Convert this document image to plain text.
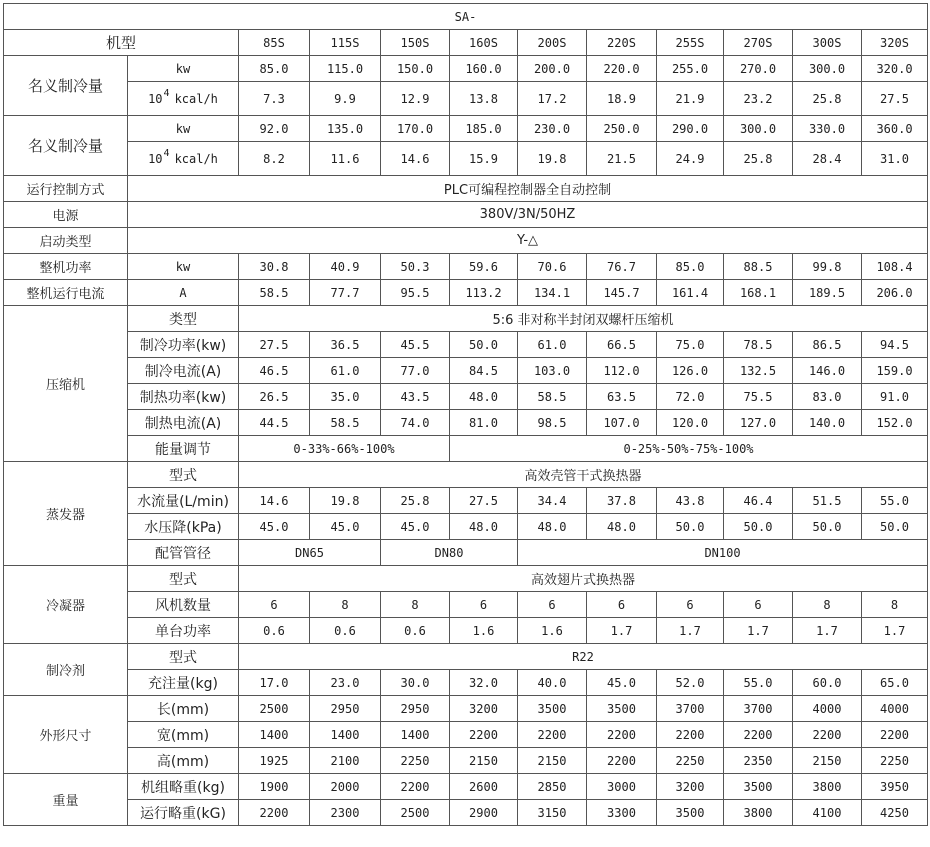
SA-											
机型		85S	115S	150S	160S	200S	220S	255S	270S	300S	320S
名义制冷量	kw	85.0	115.0	150.0	160.0	200.0	220.0	255.0	270.0	300.0	320.0
	$10^4$ kcal/h	7.3	9.9	12.9	13.8	17.2	18.9	21.9	23.2	25.8	27.5
名义制冷量	kw	92.0	135.0	170.0	185.0	230.0	250.0	290.0	300.0	330.0	360.0
	$10^4$ kcal/h	8.2	11.6	14.6	15.9	19.8	21.5	24.9	25.8	28.4	31.0
运行控制方式	PLC可编程控制器全自动控制										
电源	380V/3N/50HZ										
启动类型	Y-△										
整机功率	kw	30.8	40.9	50.3	59.6	70.6	76.7	85.0	88.5	99.8	108.4
整机运行电流	A	58.5	77.7	95.5	113.2	134.1	145.7	161.4	168.1	189.5	206.0
压缩机	类型	5:6 非对称半封闭双螺杆压缩机									
	制冷功率(kw)	27.5	36.5	45.5	50.0	61.0	66.5	75.0	78.5	86.5	94.5
	制冷电流(A)	46.5	61.0	77.0	84.5	103.0	112.0	126.0	132.5	146.0	159.0
	制热功率(kw)	26.5	35.0	43.5	48.0	58.5	63.5	72.0	75.5	83.0	91.0
	制热电流(A)	44.5	58.5	74.0	81.0	98.5	107.0	120.0	127.0	140.0	152.0
	能量调节	0-33%-66%-100%			0-25%-50%-75%-100%						
蒸发器	型式	高效壳管干式换热器									
	水流量(L/min)	14.6	19.8	25.8	27.5	34.4	37.8	43.8	46.4	51.5	55.0
	水压降(kPa)	45.0	45.0	45.0	48.0	48.0	48.0	50.0	50.0	50.0	50.0
	配管管径	DN65		DN80		DN100					
冷凝器	型式	高效翅片式换热器									
	风机数量	6	8	8	6	6	6	6	6	8	8
	单台功率	0.6	0.6	0.6	1.6	1.6	1.7	1.7	1.7	1.7	1.7
制冷剂	型式	R22									
	充注量(kg)	17.0	23.0	30.0	32.0	40.0	45.0	52.0	55.0	60.0	65.0
外形尺寸	长(mm)	2500	2950	2950	3200	3500	3500	3700	3700	4000	4000
	宽(mm)	1400	1400	1400	2200	2200	2200	2200	2200	2200	2200
	高(mm)	1925	2100	2250	2150	2150	2200	2250	2350	2150	2250
重量	机组略重(kg)	1900	2000	2200	2600	2850	3000	3200	3500	3800	3950
	运行略重(kG)	2200	2300	2500	2900	3150	3300	3500	3800	4100	4250
